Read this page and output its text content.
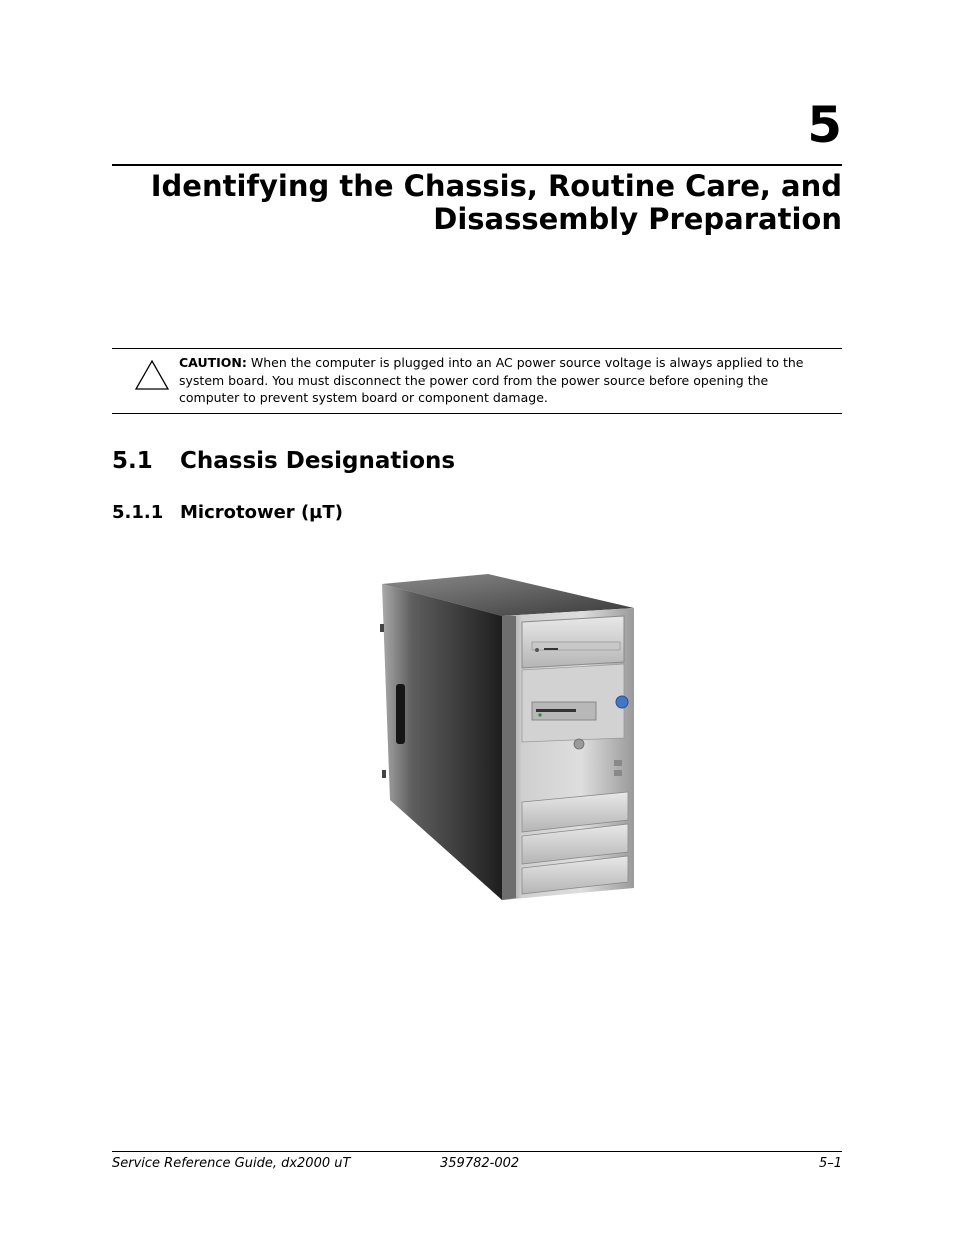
5
Identifying the Chassis, Routine Care, and
Disassembly Preparation

CAUTION: When the computer is plugged into an AC power source voltage is always applied to the system board. You must disconnect the power cord from the power source before opening the computer to prevent system board or component damage.

5.1 Chassis Designations
5.1.1 Microtower (µT)
Service Reference Guide, dx2000 uT	359782-002	5–1
